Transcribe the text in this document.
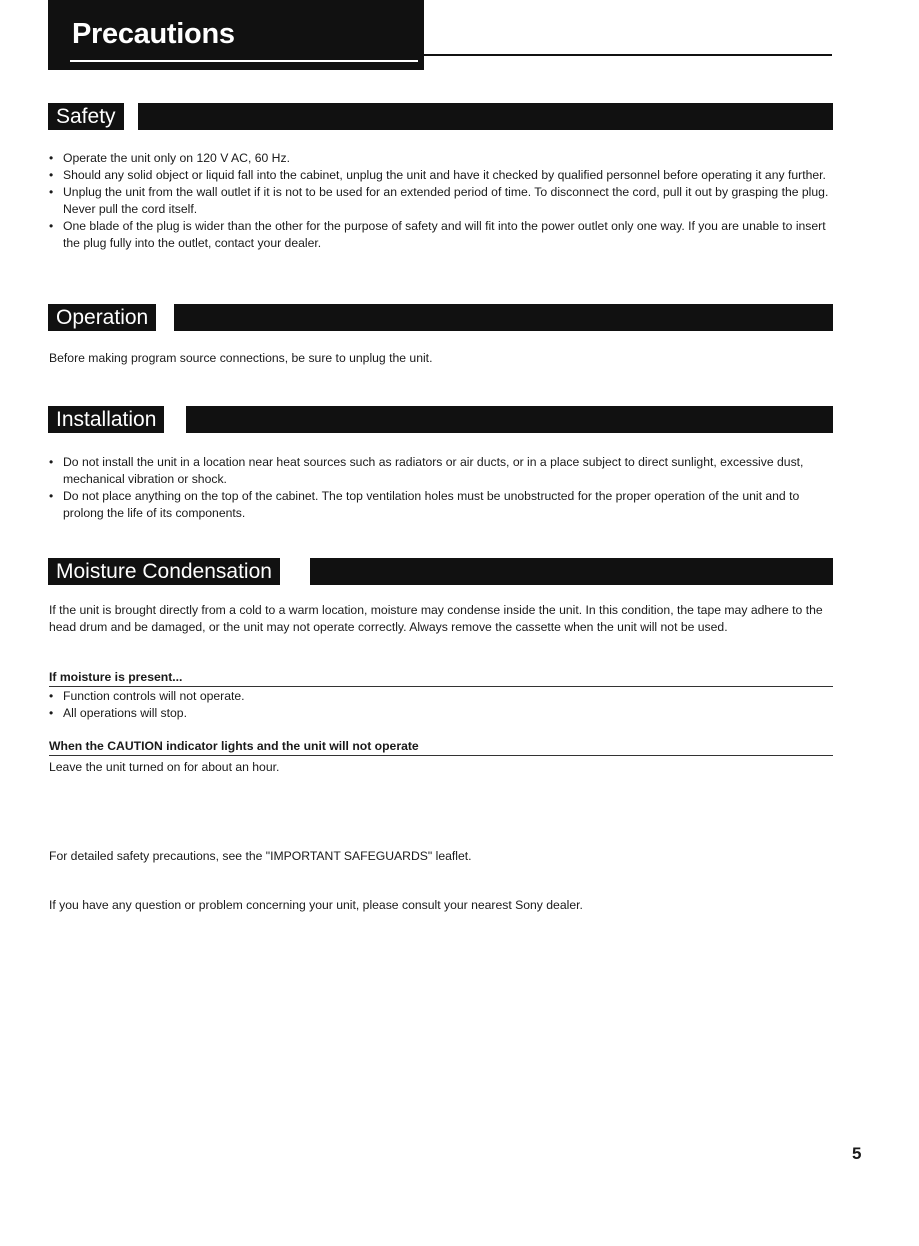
Precautions
Safety
• Operate the unit only on 120 V AC, 60 Hz.
• Should any solid object or liquid fall into the cabinet, unplug the unit and have it checked by qualified personnel before operating it any further.
• Unplug the unit from the wall outlet if it is not to be used for an extended period of time. To disconnect the cord, pull it out by grasping the plug. Never pull the cord itself.
• One blade of the plug is wider than the other for the purpose of safety and will fit into the power outlet only one way. If you are unable to insert the plug fully into the outlet, contact your dealer.
Operation

Before making program source connections, be sure to unplug the unit.

Installation
• Do not install the unit in a location near heat sources such as radiators or air ducts, or in a place subject to direct sunlight, excessive dust, mechanical vibration or shock.
• Do not place anything on the top of the cabinet. The top ventilation holes must be unobstructed for the proper operation of the unit and to prolong the life of its components.
Moisture Condensation

If the unit is brought directly from a cold to a warm location, moisture may condense inside the unit. In this condition, the tape may adhere to the head drum and be damaged, or the unit may not operate correctly. Always remove the cassette when the unit will not be used.

If moisture is present...
• Function controls will not operate.
• All operations will stop.
When the CAUTION indicator lights and the unit will not operate

Leave the unit turned on for about an hour.

For detailed safety precautions, see the "IMPORTANT SAFEGUARDS" leaflet.

If you have any question or problem concerning your unit, please consult your nearest Sony dealer.

5
